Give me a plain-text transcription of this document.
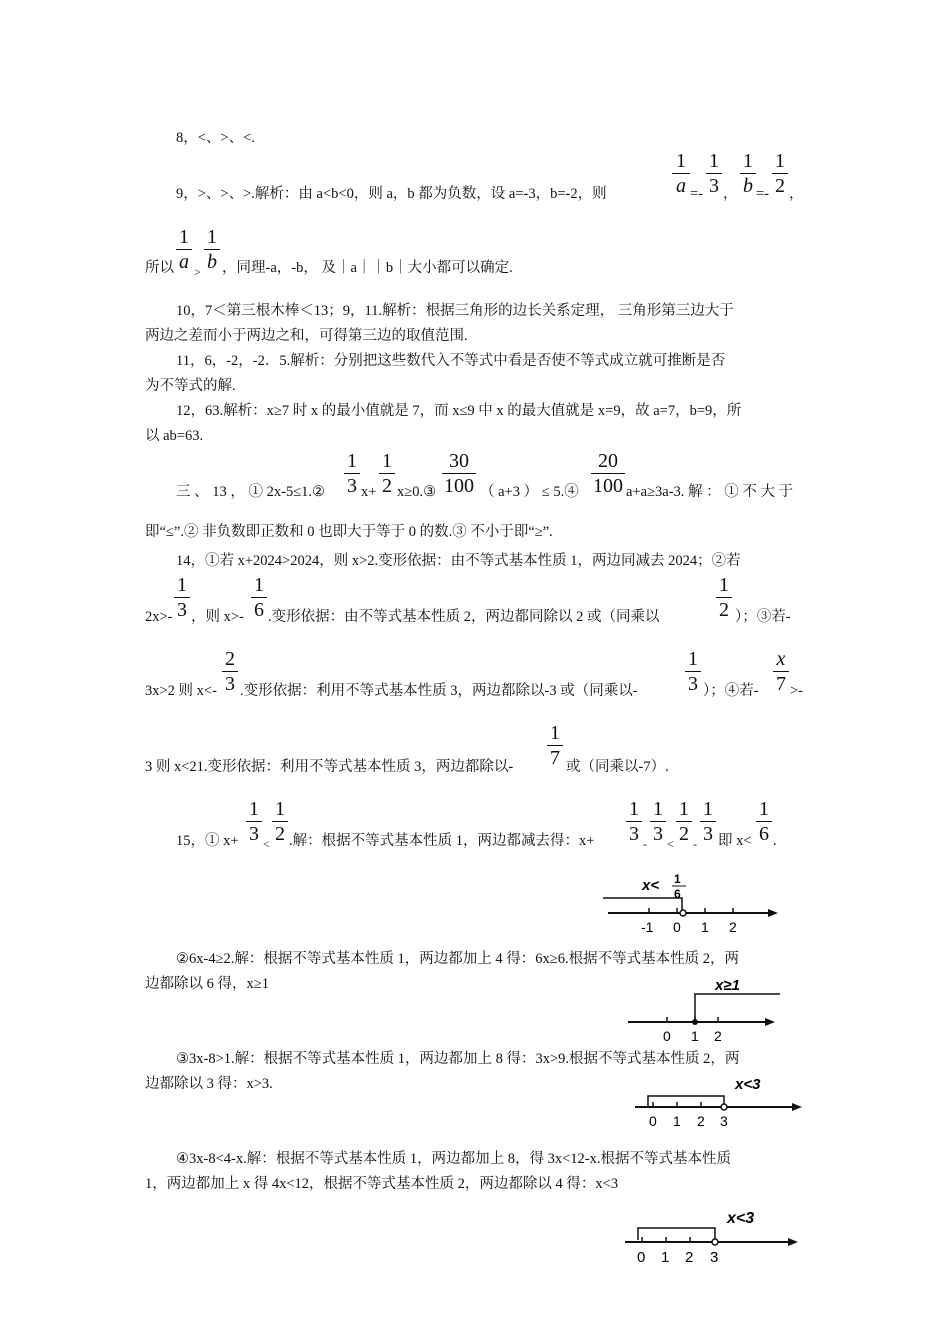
8，<、>、<.
9，>、>、>.解析：由 a<b<0，则 a，b 都为负数，设 a=-3，b=-2，则
1
a =-
1
3 ，
1
b =-
1
2 ，
所以
1
a >
1
b ，同理-a，-b， 及｜a｜｜b｜大小都可以确定.
10，7＜第三根木棒＜13；9，11.解析：根据三角形的边长关系定理， 三角形第三边大于
两边之差而小于两边之和，可得第三边的取值范围.
11，6，-2，-2．5.解析：分别把这些数代入不等式中看是否使不等式成立就可推断是否
为不等式的解.
12，63.解析：x≥7 时 x 的最小值就是 7，而 x≤9 中 x 的最大值就是 x=9，故 a=7，b=9，所
以 ab=63.
三 、 13 ， ① 2x-5≤1.②
1
3 x+
1
2 x≥0.③
30
100 （ a+3 ） ≤ 5.④
20
100 a+a≥3a-3. 解 ： ① 不 大 于
即“≤”.② 非负数即正数和 0 也即大于等于 0 的数.③ 不小于即“≥”.
14，①若 x+2024>2024，则 x>2.变形依据：由不等式基本性质 1，两边同减去 2024；②若
2x>-
1
3 ，则 x>-
1
6 .变形依据：由不等式基本性质 2，两边都同除以 2 或（同乘以
1
2 ）；③若-
3x>2 则 x<-
2
3 .变形依据：利用不等式基本性质 3，两边都除以-3 或（同乘以-
1
3 ）；④若-
x
7 >-
3 则 x<21.变形依据：利用不等式基本性质 3，两边都除以-
1
7 或（同乘以-7）.
15，① x+
1
3 <
1
2 .解：根据不等式基本性质 1，两边都减去得：x+
1
3 -
1
3 <
1
2 -
1
3 即 x<
1
6 .
x< 1
6
-1 0 1 2
②6x-4≥2.解：根据不等式基本性质 1，两边都加上 4 得：6x≥6.根据不等式基本性质 2，两
边都除以 6 得，x≥1	x≥1
0 1 2
③3x-8>1.解：根据不等式基本性质 1，两边都加上 8 得：3x>9.根据不等式基本性质 2，两
边都除以 3 得：x>3.	x<3
0 1 2 3
④3x-8<4-x.解：根据不等式基本性质 1，两边都加上 8，得 3x<12-x.根据不等式基本性质
1，两边都加上 x 得 4x<12，根据不等式基本性质 2，两边都除以 4 得：x<3
x<3
0 1 2 3
